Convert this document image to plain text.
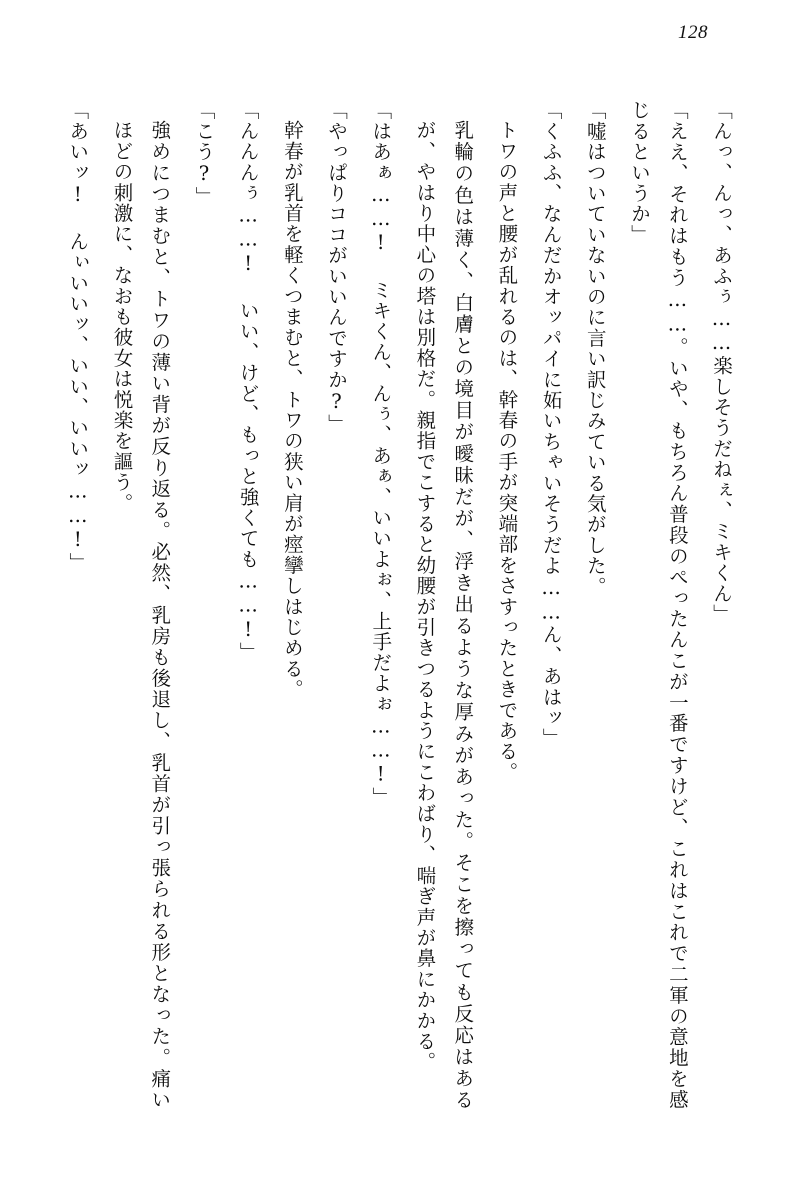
128

「んっ、んっ、あふぅ……楽しそうだねぇ、ミキくん」

「ええ、それはもう……。いや、もちろん普段のぺったんこが一番ですけど、これはこれで二軍の意地を感じるというか」

「嘘はついていないのに言い訳じみている気がした。

「くふふ、なんだかオッパイに妬いちゃいそうだよ……ん、あはッ」

トワの声と腰が乱れるのは、幹春の手が突端部をさすったときである。

乳輪の色は薄く、白膚との境目が曖昧だが、浮き出るような厚みがあった。そこを擦っても反応はあるが、やはり中心の塔は別格だ。親指でこすると幼腰が引きつるようにこわばり、喘ぎ声が鼻にかかる。

「はあぁ……! ミキくん、んぅ、あぁ、いいよぉ、上手だよぉ……!」

「やっぱりココがいいんですか?」

幹春が乳首を軽くつまむと、トワの狭い肩が痙攣しはじめる。

「んんんぅ……! いい、けど、もっと強くても……!」

「こう?」

強めにつまむと、トワの薄い背が反り返る。必然、乳房も後退し、乳首が引っ張られる形となった。痛いほどの刺激に、なおも彼女は悦楽を謳う。

「あいッ! んぃいいッ、いい、いいッ……!」
